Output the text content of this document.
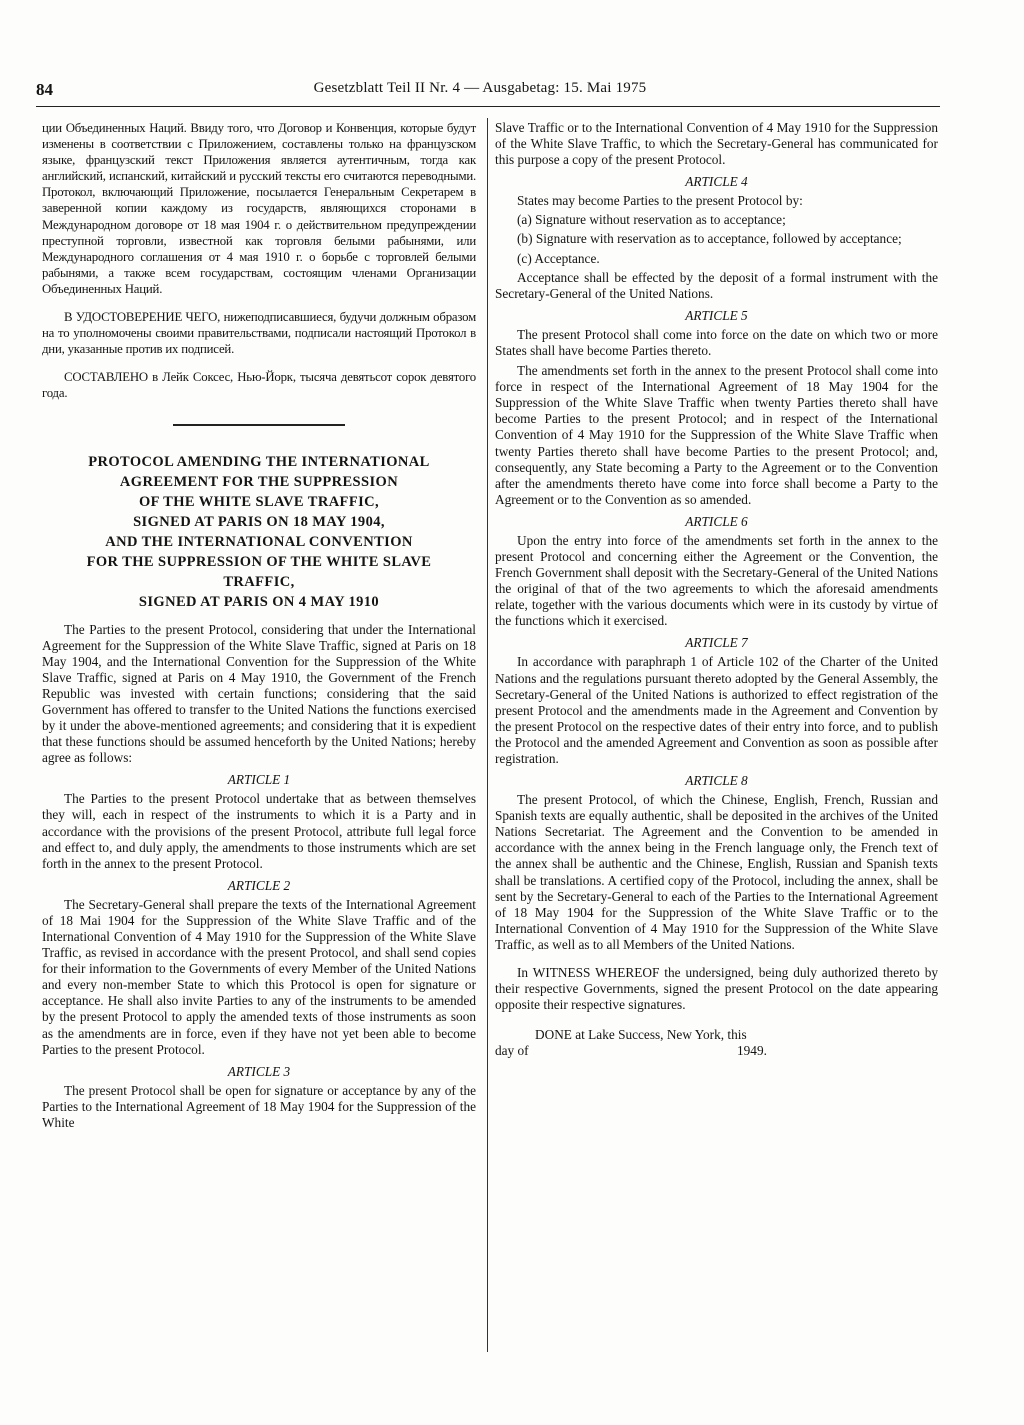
84	Gesetzblatt Teil II Nr. 4 — Ausgabetag: 15. Mai 1975

ции Объединенных Наций. Ввиду того, что Договор и Конвенция, которые будут изменены в соответствии с Приложением, составлены только на французском языке, французский текст Приложения является аутентичным, тогда как английский, испанский, китайский и русский тексты его считаются переводными. Протокол, включающий Приложение, посылается Генеральным Секретарем в заверенной копии каждому из государств, являющихся сторонами в Международном договоре от 18 мая 1904 г. о действительном предупреждении преступной торговли, известной как торговля белыми рабынями, или Международного соглашения от 4 мая 1910 г. о борьбе с торговлей белыми рабынями, а также всем государствам, состоящим членами Организации Объединенных Наций.

В УДОСТОВЕРЕНИЕ ЧЕГО, нижеподписавшиеся, будучи должным образом на то уполномочены своими правительствами, подписали настоящий Протокол в дни, указанные против их подписей.

СОСТАВЛЕНО в Лейк Соксес, Нью-Йорк, тысяча девятьсот сорок девятого года.

PROTOCOL AMENDING THE INTERNATIONAL
AGREEMENT FOR THE SUPPRESSION
OF THE WHITE SLAVE TRAFFIC,
SIGNED AT PARIS ON 18 MAY 1904,
AND THE INTERNATIONAL CONVENTION
FOR THE SUPPRESSION OF THE WHITE SLAVE
TRAFFIC,
SIGNED AT PARIS ON 4 MAY 1910

The Parties to the present Protocol, considering that under the International Agreement for the Suppression of the White Slave Traffic, signed at Paris on 18 May 1904, and the International Convention for the Suppression of the White Slave Traffic, signed at Paris on 4 May 1910, the Government of the French Republic was invested with certain functions; considering that the said Government has offered to transfer to the United Nations the functions exercised by it under the above-mentioned agreements; and considering that it is expedient that these functions should be assumed henceforth by the United Nations; hereby agree as follows:

ARTICLE 1

The Parties to the present Protocol undertake that as between themselves they will, each in respect of the instruments to which it is a Party and in accordance with the provisions of the present Protocol, attribute full legal force and effect to, and duly apply, the amendments to those instruments which are set forth in the annex to the present Protocol.

ARTICLE 2

The Secretary-General shall prepare the texts of the International Agreement of 18 Mai 1904 for the Suppression of the White Slave Traffic and of the International Convention of 4 May 1910 for the Suppression of the White Slave Traffic, as revised in accordance with the present Protocol, and shall send copies for their information to the Governments of every Member of the United Nations and every non-member State to which this Protocol is open for signature or acceptance. He shall also invite Parties to any of the instruments to be amended by the present Protocol to apply the amended texts of those instruments as soon as the amendments are in force, even if they have not yet been able to become Parties to the present Protocol.

ARTICLE 3

The present Protocol shall be open for signature or acceptance by any of the Parties to the International Agreement of 18 May 1904 for the Suppression of the White

Slave Traffic or to the International Convention of 4 May 1910 for the Suppression of the White Slave Traffic, to which the Secretary-General has communicated for this purpose a copy of the present Protocol.

ARTICLE 4

States may become Parties to the present Protocol by:

(a) Signature without reservation as to acceptance;

(b) Signature with reservation as to acceptance, followed by acceptance;

(c) Acceptance.

Acceptance shall be effected by the deposit of a formal instrument with the Secretary-General of the United Nations.

ARTICLE 5

The present Protocol shall come into force on the date on which two or more States shall have become Parties thereto.

The amendments set forth in the annex to the present Protocol shall come into force in respect of the International Agreement of 18 May 1904 for the Suppression of the White Slave Traffic when twenty Parties thereto shall have become Parties to the present Protocol; and in respect of the International Convention of 4 May 1910 for the Suppression of the White Slave Traffic when twenty Parties thereto shall have become Parties to the present Protocol; and, consequently, any State becoming a Party to the Agreement or to the Convention after the amendments thereto have come into force shall become a Party to the Agreement or to the Convention as so amended.

ARTICLE 6

Upon the entry into force of the amendments set forth in the annex to the present Protocol and concerning either the Agreement or the Convention, the French Government shall deposit with the Secretary-General of the United Nations the original of that of the two agreements to which the aforesaid amendments relate, together with the various documents which were in its custody by virtue of the functions which it exercised.

ARTICLE 7

In accordance with paraphraph 1 of Article 102 of the Charter of the United Nations and the regulations pursuant thereto adopted by the General Assembly, the Secretary-General of the United Nations is authorized to effect registration of the present Protocol and the amendments made in the Agreement and Convention by the present Protocol on the respective dates of their entry into force, and to publish the Protocol and the amended Agreement and Convention as soon as possible after registration.

ARTICLE 8

The present Protocol, of which the Chinese, English, French, Russian and Spanish texts are equally authentic, shall be deposited in the archives of the United Nations Secretariat. The Agreement and the Convention to be amended in accordance with the annex being in the French language only, the French text of the annex shall be authentic and the Chinese, English, Russian and Spanish texts shall be translations. A certified copy of the Protocol, including the annex, shall be sent by the Secretary-General to each of the Parties to the International Agreement of 18 May 1904 for the Suppression of the White Slave Traffic or to the International Convention of 4 May 1910 for the Suppression of the White Slave Traffic, as well as to all Members of the United Nations.

In WITNESS WHEREOF the undersigned, being duly authorized thereto by their respective Governments, signed the present Protocol on the date appearing opposite their respective signatures.

DONE at Lake Success, New York, this
day of	1949.
